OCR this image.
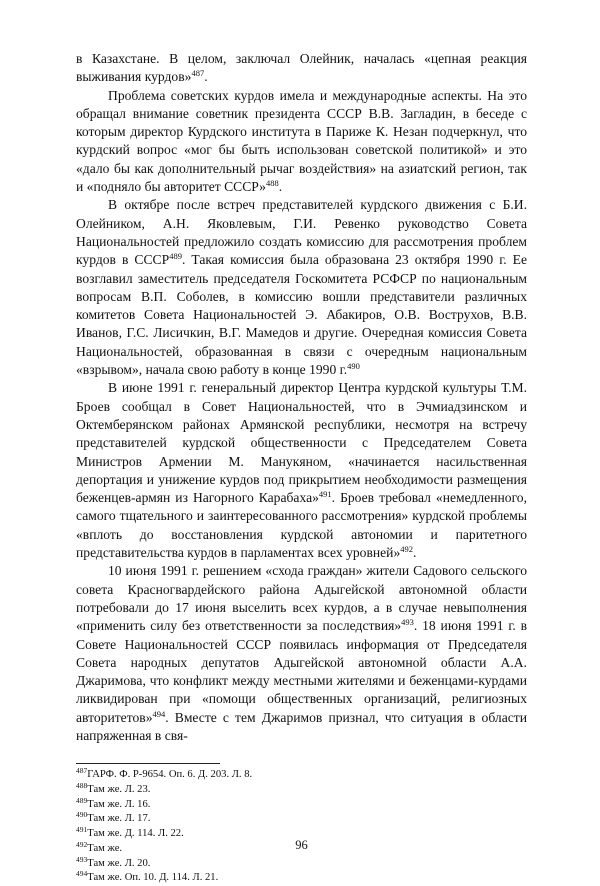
в Казахстане. В целом, заключал Олейник, началась «цепная реакция выживания курдов»$^{487}$.

Проблема советских курдов имела и международные аспекты. На это обращал внимание советник президента СССР В.В. Загладин, в беседе с которым директор Курдского института в Париже К. Незан подчеркнул, что курдский вопрос «мог бы быть использован советской политикой» и это «дало бы как дополнительный рычаг воздействия» на азиатский регион, так и «подняло бы авторитет СССР»$^{488}$.

В октябре после встреч представителей курдского движения с Б.И. Олейником, А.Н. Яковлевым, Г.И. Ревенко руководство Совета Национальностей предложило создать комиссию для рассмотрения проблем курдов в СССР$^{489}$. Такая комиссия была образована 23 октября 1990 г. Ее возглавил заместитель председателя Госкомитета РСФСР по национальным вопросам В.П. Соболев, в комиссию вошли представители различных комитетов Совета Национальностей Э. Абакиров, О.В. Вострухов, В.В. Иванов, Г.С. Лисичкин, В.Г. Мамедов и другие. Очередная комиссия Совета Национальностей, образованная в связи с очередным национальным «взрывом», начала свою работу в конце 1990 г.$^{490}$

В июне 1991 г. генеральный директор Центра курдской культуры Т.М. Броев сообщал в Совет Национальностей, что в Эчмиадзинском и Октемберянском районах Армянской республики, несмотря на встречу представителей курдской общественности с Председателем Совета Министров Армении М. Манукяном, «начинается насильственная депортация и унижение курдов под прикрытием необходимости размещения беженцев-армян из Нагорного Карабаха»$^{491}$. Броев требовал «немедленного, самого тщательного и заинтересованного рассмотрения» курдской проблемы «вплоть до восстановления курдской автономии и паритетного представительства курдов в парламентах всех уровней»$^{492}$.

10 июня 1991 г. решением «схода граждан» жители Садового сельского совета Красногвардейского района Адыгейской автономной области потребовали до 17 июня выселить всех курдов, а в случае невыполнения «применить силу без ответственности за последствия»$^{493}$. 18 июня 1991 г. в Совете Национальностей СССР появилась информация от Председателя Совета народных депутатов Адыгейской автономной области А.А. Джаримова, что конфликт между местными жителями и беженцами-курдами ликвидирован при «помощи общественных организаций, религиозных авторитетов»$^{494}$. Вместе с тем Джаримов признал, что ситуация в области напряженная в свя-

$^{487}$ГАРФ. Ф. Р-9654. Оп. 6. Д. 203. Л. 8.
$^{488}$Там же. Л. 23.
$^{489}$Там же. Л. 16.
$^{490}$Там же. Л. 17.
$^{491}$Там же. Д. 114. Л. 22.
$^{492}$Там же.
$^{493}$Там же. Л. 20.
$^{494}$Там же. Оп. 10. Д. 114. Л. 21.
96
